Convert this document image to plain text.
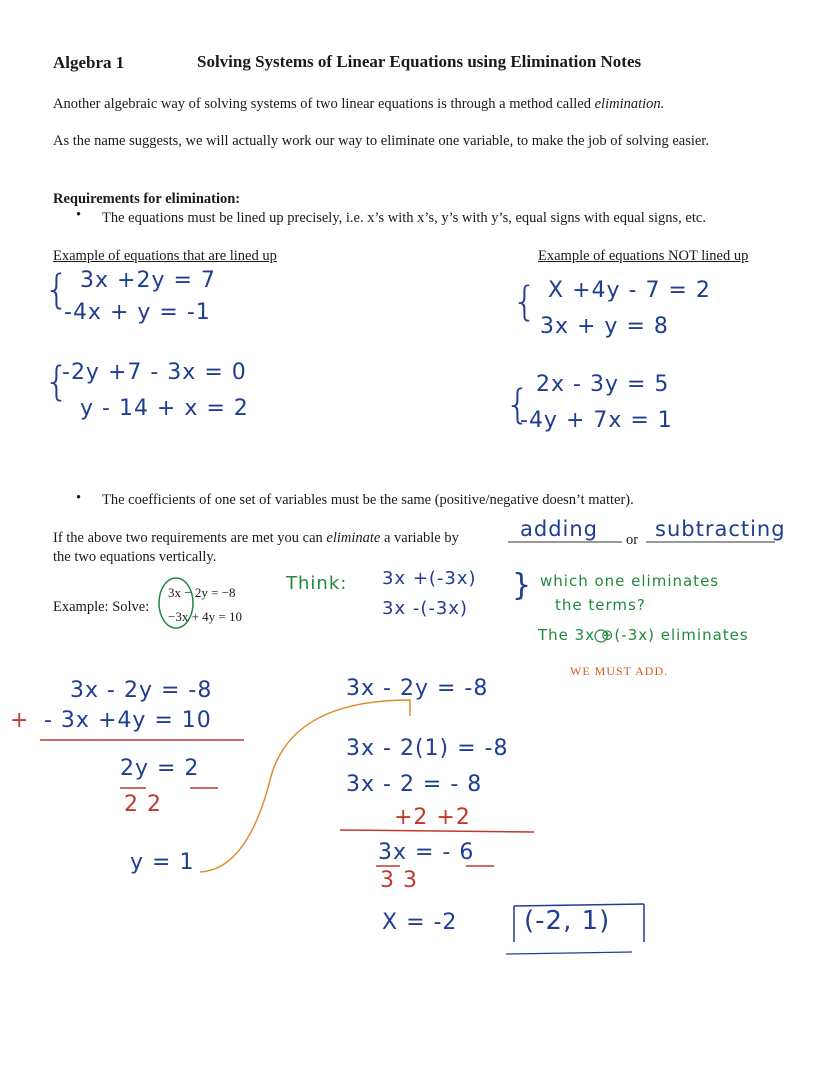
Algebra 1	Solving Systems of Linear Equations using Elimination Notes
Another algebraic way of solving systems of two linear equations is through a method called elimination.
As the name suggests, we will actually work our way to eliminate one variable, to make the job of solving easier.
Requirements for elimination:
• The equations must be lined up precisely, i.e. x’s with x’s, y’s with y’s, equal signs with equal signs, etc.
Example of equations that are lined up	Example of equations NOT lined up
{ 3x +2y = 7
-4x + y = -1
{
-2y +7 - 3x = 0
y - 14 + x = 2
{ X +4y - 7 = 2
3x + y = 8
{ 2x - 3y = 5
-4y + 7x = 1
• The coefficients of one set of variables must be the same (positive/negative doesn’t matter).
If the above two requirements are met you can eliminate a variable by	adding or subtracting
the two equations vertically.
Example: Solve:
3x − 2y = −8
−3x + 4y = 10
Think: 3x +(-3x)
3x -(-3x)
} which one eliminates
the terms?
The 3x ⊕(-3x) eliminates
WE MUST ADD.
3x - 2y = -8
+ - 3x +4y = 10
2y = 2
2 2
y = 1
3x - 2y = -8
3x - 2(1) = -8
3x - 2 = - 8
+2 +2
3x = - 6
3 3
X = -2	(-2, 1)
